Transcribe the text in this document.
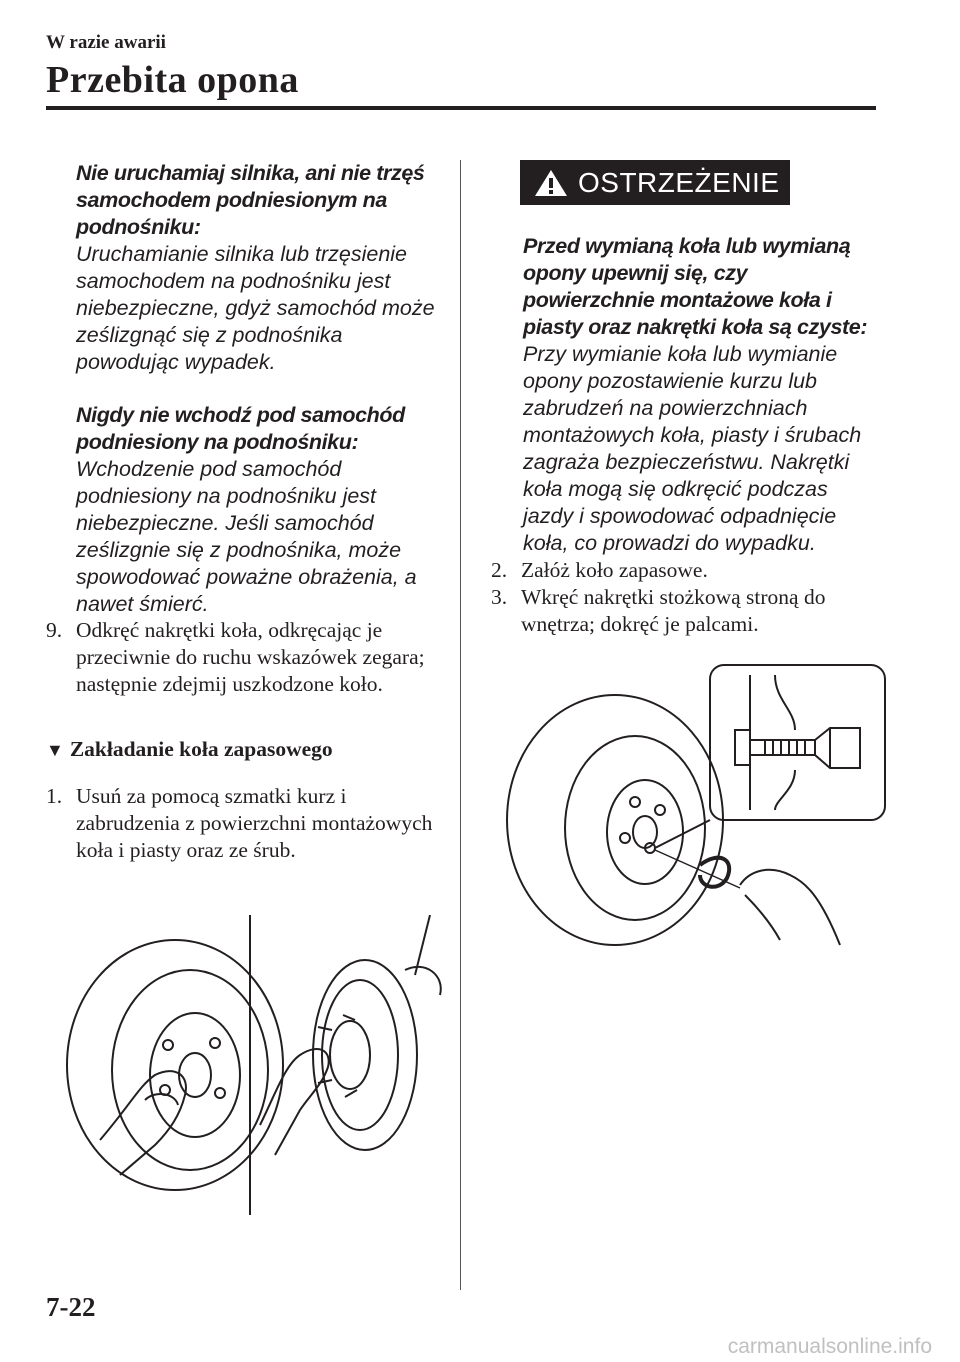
W razie awarii
Przebita opona

Nie uruchamiaj silnika, ani nie trzęś samochodem podniesionym na podnośniku:

Uruchamianie silnika lub trzęsienie samochodem na podnośniku jest niebezpieczne, gdyż samochód może ześlizgnąć się z podnośnika powodując wypadek.

Nigdy nie wchodź pod samochód podniesiony na podnośniku:

Wchodzenie pod samochód podniesiony na podnośniku jest niebezpieczne. Jeśli samochód ześlizgnie się z podnośnika, może spowodować poważne obrażenia, a nawet śmierć.

9. Odkręć nakrętki koła, odkręcając je przeciwnie do ruchu wskazówek zegara; następnie zdejmij uszkodzone koło.
▼ Zakładanie koła zapasowego
1. Usuń za pomocą szmatki kurz i zabrudzenia z powierzchni montażowych koła i piasty oraz ze śrub.
OSTRZEŻENIE

Przed wymianą koła lub wymianą opony upewnij się, czy powierzchnie montażowe koła i piasty oraz nakrętki koła są czyste:

Przy wymianie koła lub wymianie opony pozostawienie kurzu lub zabrudzeń na powierzchniach montażowych koła, piasty i śrubach zagraża bezpieczeństwu. Nakrętki koła mogą się odkręcić podczas jazdy i spowodować odpadnięcie koła, co prowadzi do wypadku.

2. Załóż koło zapasowe.
3. Wkręć nakrętki stożkową stroną do wnętrza; dokręć je palcami.
7-22
carmanualsonline.info
